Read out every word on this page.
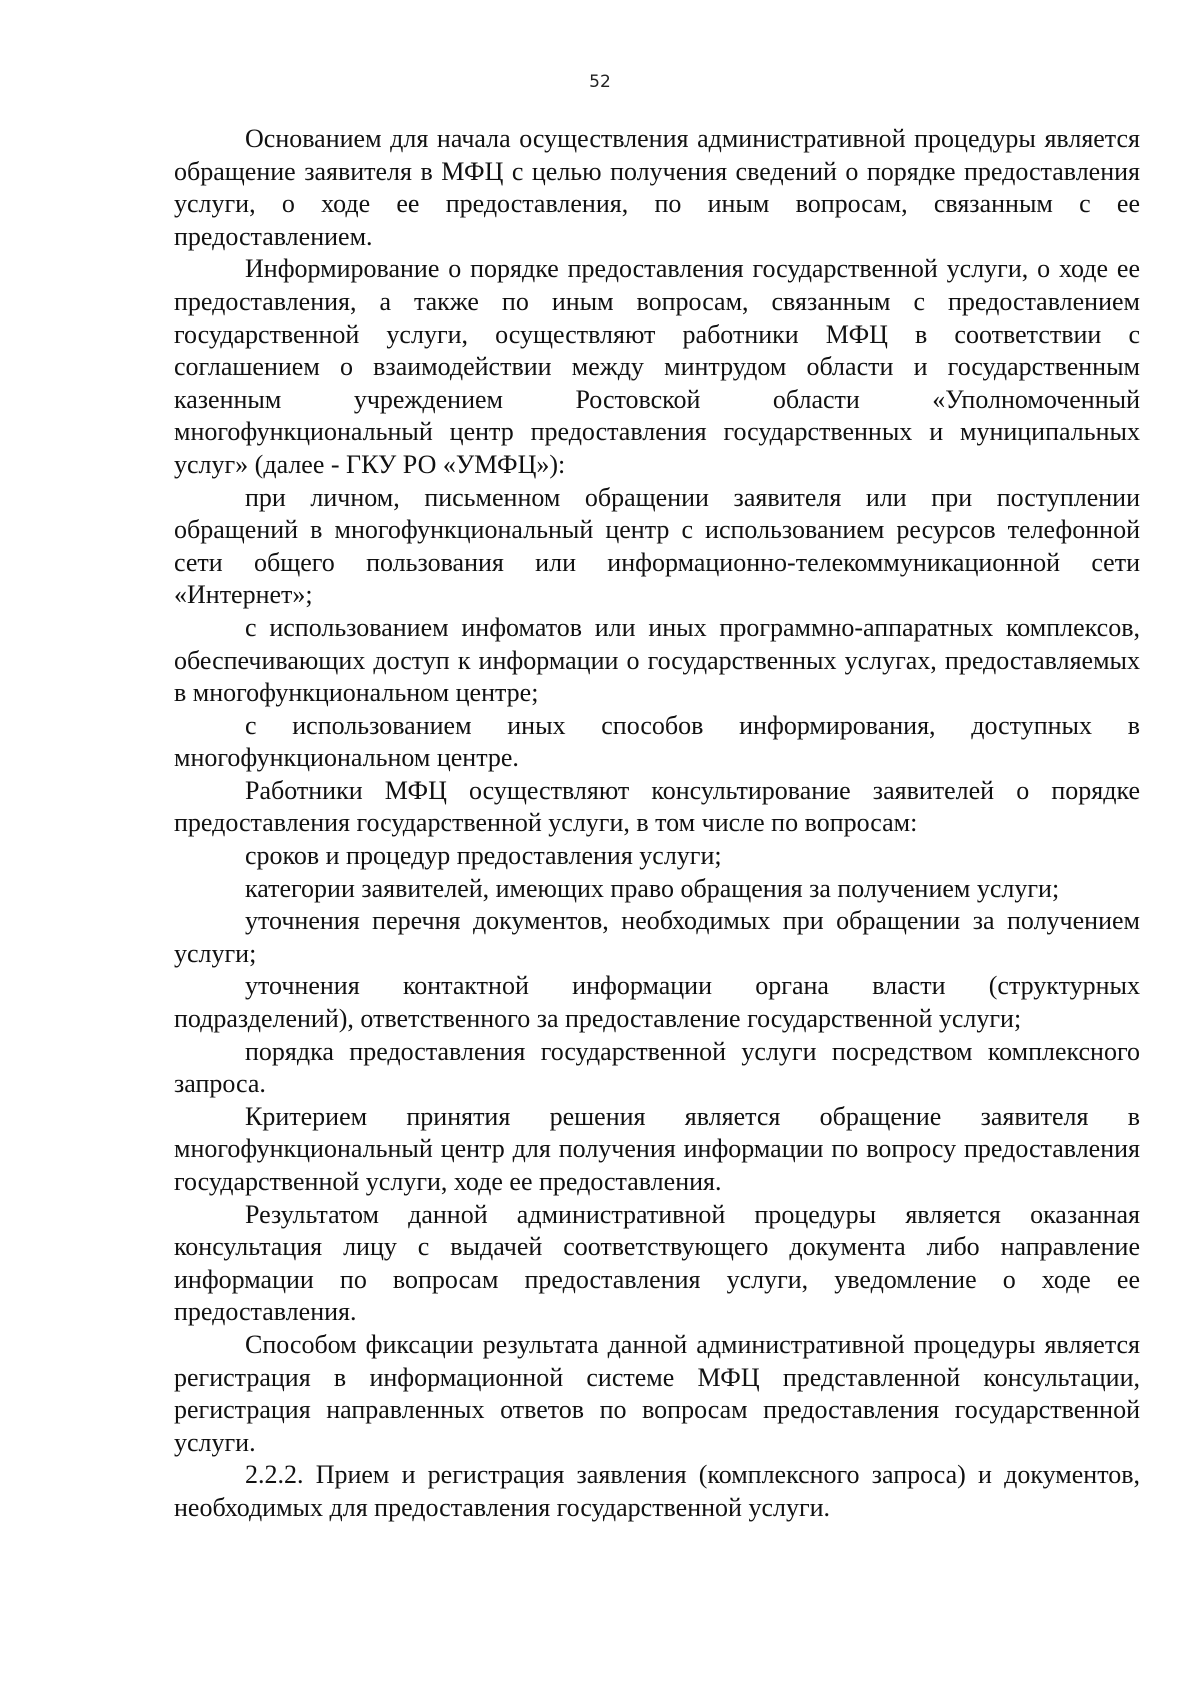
52

Основанием для начала осуществления административной процедуры является обращение заявителя в МФЦ с целью получения сведений о порядке предоставления услуги, о ходе ее предоставления, по иным вопросам, связанным с ее предоставлением.

Информирование о порядке предоставления государственной услуги, о ходе ее предоставления, а также по иным вопросам, связанным с предоставлением государственной услуги, осуществляют работники МФЦ в соответствии с соглашением о взаимодействии между минтрудом области и государственным казенным учреждением Ростовской области «Уполномоченный многофункциональный центр предоставления государственных и муниципальных услуг» (далее - ГКУ РО «УМФЦ»):

при личном, письменном обращении заявителя или при поступлении обращений в многофункциональный центр с использованием ресурсов телефонной сети общего пользования или информационно-телекоммуникационной сети «Интернет»;

с использованием инфоматов или иных программно-аппаратных комплексов, обеспечивающих доступ к информации о государственных услугах, предоставляемых в многофункциональном центре;

с использованием иных способов информирования, доступных в многофункциональном центре.

Работники МФЦ осуществляют консультирование заявителей о порядке предоставления государственной услуги, в том числе по вопросам:

сроков и процедур предоставления услуги;

категории заявителей, имеющих право обращения за получением услуги;

уточнения перечня документов, необходимых при обращении за получением услуги;

уточнения контактной информации органа власти (структурных подразделений), ответственного за предоставление государственной услуги;

порядка предоставления государственной услуги посредством комплексного запроса.

Критерием принятия решения является обращение заявителя в многофункциональный центр для получения информации по вопросу предоставления государственной услуги, ходе ее предоставления.

Результатом данной административной процедуры является оказанная консультация лицу с выдачей соответствующего документа либо направление информации по вопросам предоставления услуги, уведомление о ходе ее предоставления.

Способом фиксации результата данной административной процедуры является регистрация в информационной системе МФЦ представленной консультации, регистрация направленных ответов по вопросам предоставления государственной услуги.

2.2.2. Прием и регистрация заявления (комплексного запроса) и документов, необходимых для предоставления государственной услуги.
